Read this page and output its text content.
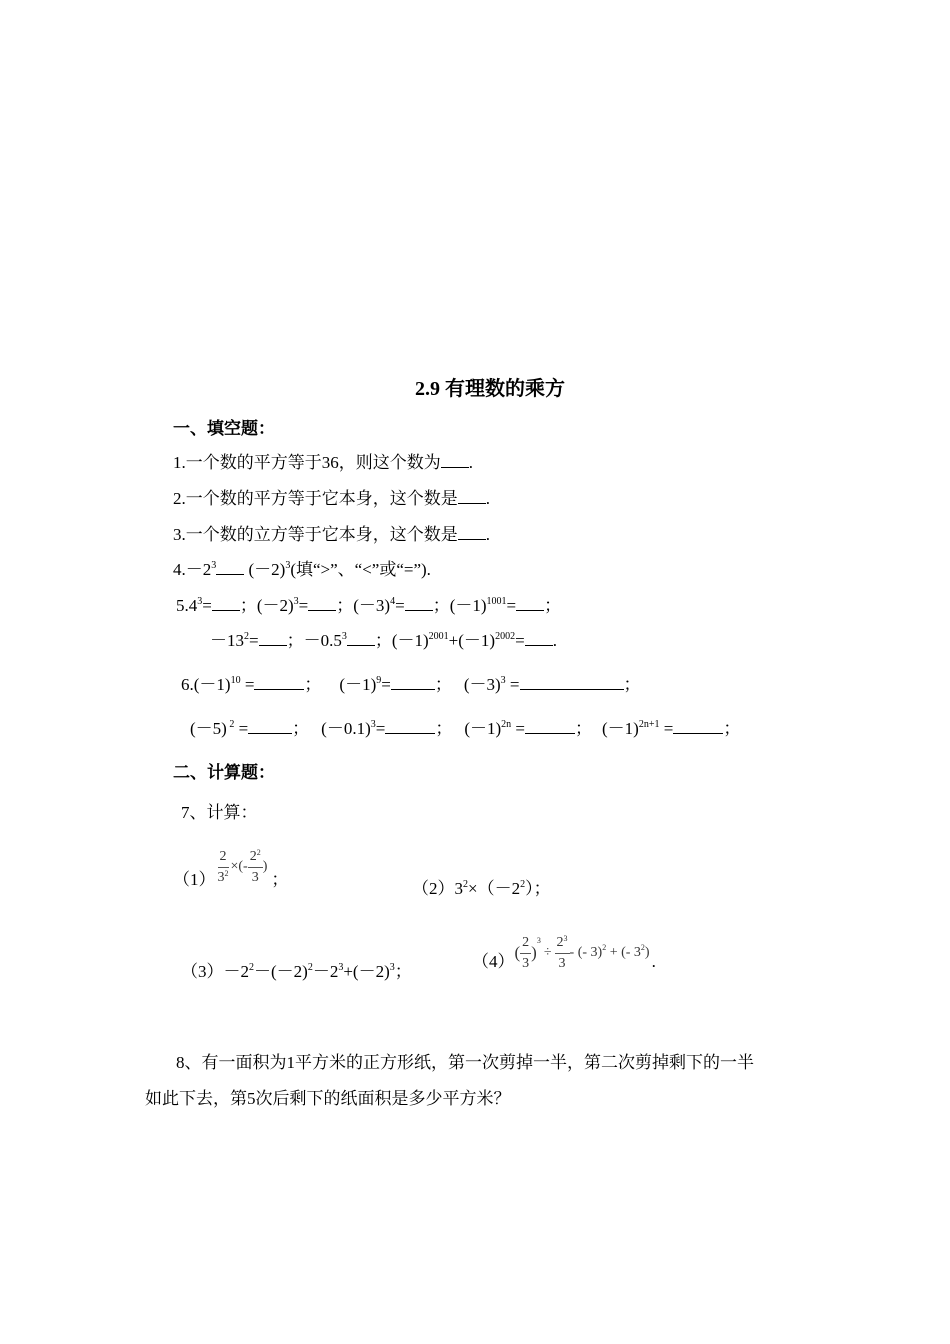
2.9 有理数的乘方
一、填空题：
1.一个数的平方等于36，则这个数为 .
2.一个数的平方等于它本身，这个数是 .
3.一个数的立方等于它本身，这个数是 .
$4.-2^3$ $(-2)^3$(填“>”、“<”或“=”).
$5.4^3=$ ；$(-2)^3=$ ；$(-3)^4=$ ；$(-1)^{1001}=$ ；
$-13^2=$ ；$-0.5^3$ ；$(-1)^{2001}+(-1)^{2002}=$ .
$6.(-1)^{10}$ =	； $(-1)^9=$	； $(-3)^3$ =	；
(－5) $^2$ =	； $(-0.1)^3=$	； $(-1)^{2n}$ =	； $(-1)^{2n+1}$ =	；
二、计算题：
7、计算：
$(1) \frac{2}{3^2}$ ×(- $\frac{2^2}{3}$ )
；	$(2)3^2\times(-2^2)$；
$(3)-2^2-(-2)^2-2^3+(-2)^3$；
（4） ( $\frac{2}{3}$ )
$^3$
÷ $\frac{2^3}{3}$ - (- 3)$^2$ + (- $3^2$) .
8、有一面积为1平方米的正方形纸，第一次剪掉一半，第二次剪掉剩下的一半
如此下去，第5次后剩下的纸面积是多少平方米？
